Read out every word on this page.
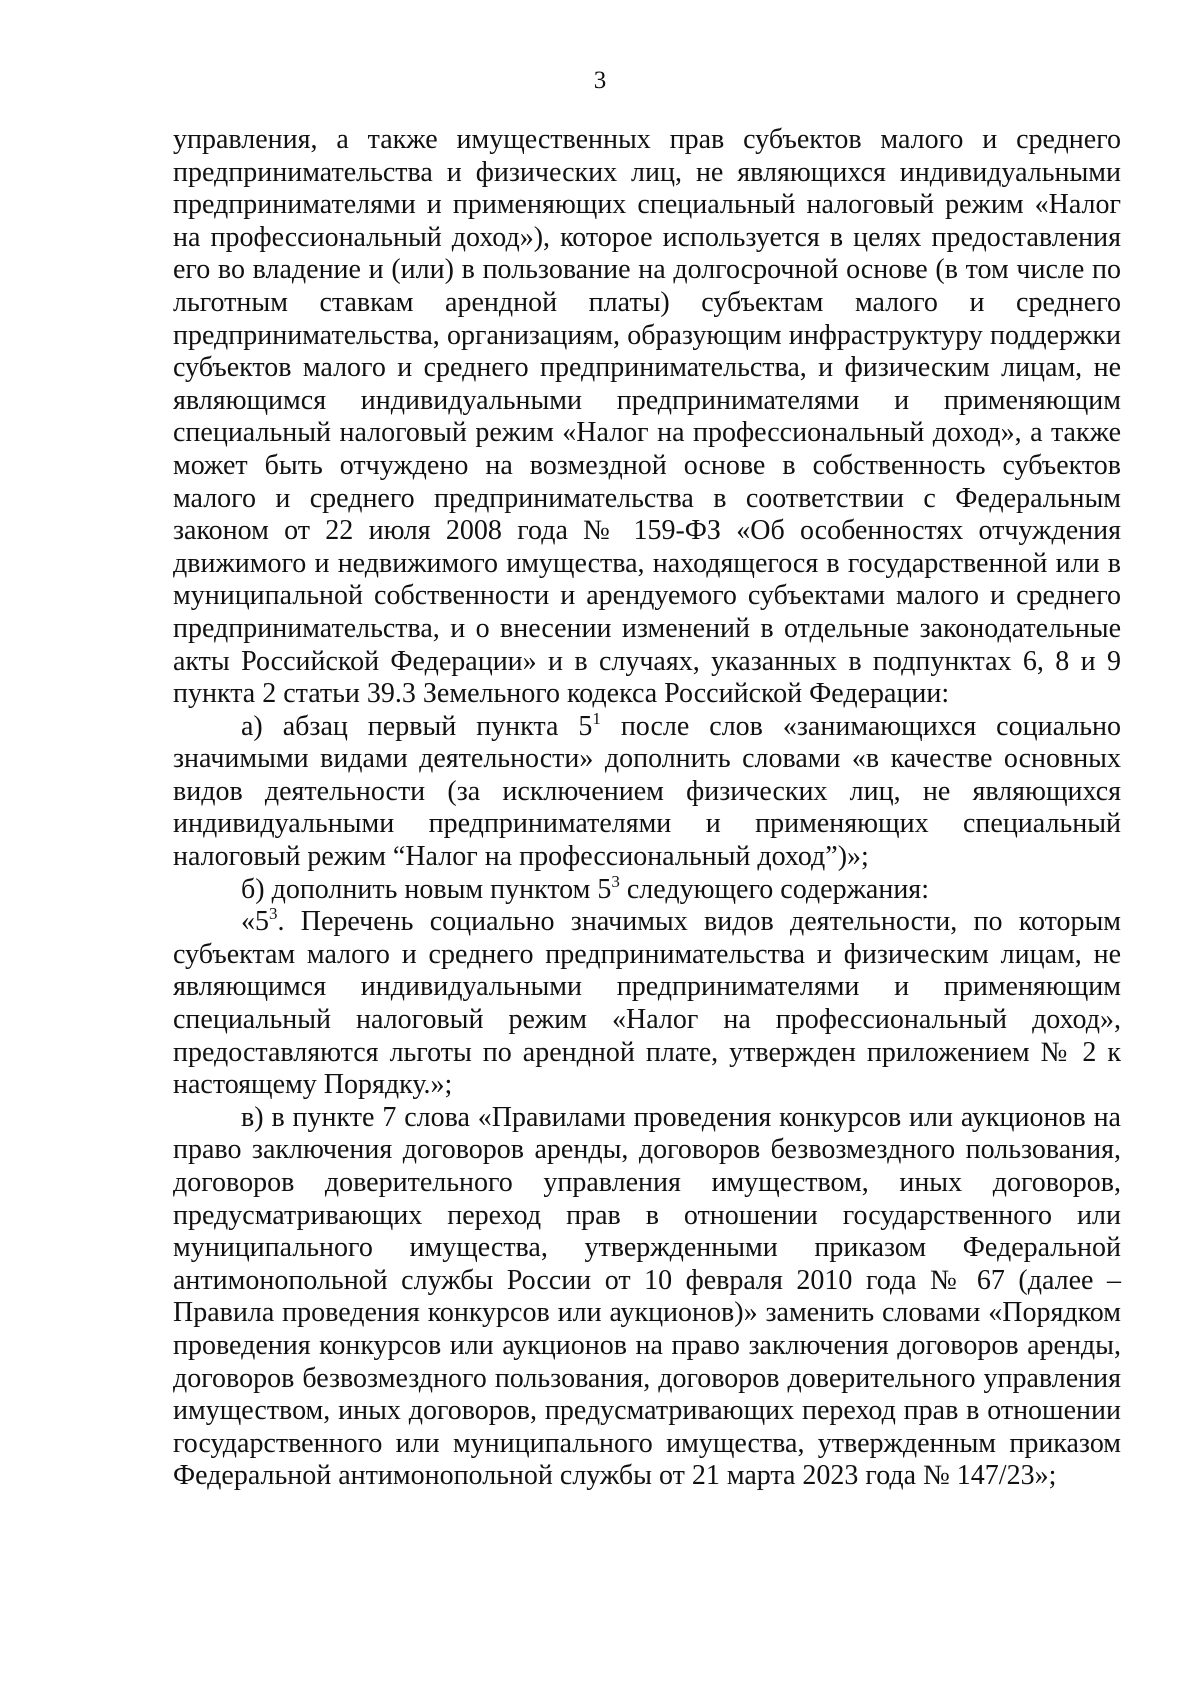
3

управления, а также имущественных прав субъектов малого и среднего предпринимательства и физических лиц, не являющихся индивидуальными предпринимателями и применяющих специальный налоговый режим «Налог на профессиональный доход»), которое используется в целях предоставления его во владение и (или) в пользование на долгосрочной основе (в том числе по льготным ставкам арендной платы) субъектам малого и среднего предпринимательства, организациям, образующим инфраструктуру поддержки субъектов малого и среднего предпринимательства, и физическим лицам, не являющимся индивидуальными предпринимателями и применяющим специальный налоговый режим «Налог на профессиональный доход», а также может быть отчуждено на возмездной основе в собственность субъектов малого и среднего предпринимательства в соответствии с Федеральным законом от 22 июля 2008 года № 159-ФЗ «Об особенностях отчуждения движимого и недвижимого имущества, находящегося в государственной или в муниципальной собственности и арендуемого субъектами малого и среднего предпринимательства, и о внесении изменений в отдельные законодательные акты Российской Федерации» и в случаях, указанных в подпунктах 6, 8 и 9 пункта 2 статьи 39.3 Земельного кодекса Российской Федерации:

а) абзац первый пункта $5^1$ после слов «занимающихся социально значимыми видами деятельности» дополнить словами «в качестве основных видов деятельности (за исключением физических лиц, не являющихся индивидуальными предпринимателями и применяющих специальный налоговый режим “Налог на профессиональный доход”)»;

б) дополнить новым пунктом $5^3$ следующего содержания:

«$5^3$. Перечень социально значимых видов деятельности, по которым субъектам малого и среднего предпринимательства и физическим лицам, не являющимся индивидуальными предпринимателями и применяющим специальный налоговый режим «Налог на профессиональный доход», предоставляются льготы по арендной плате, утвержден приложением № 2 к настоящему Порядку.»;

в) в пункте 7 слова «Правилами проведения конкурсов или аукционов на право заключения договоров аренды, договоров безвозмездного пользования, договоров доверительного управления имуществом, иных договоров, предусматривающих переход прав в отношении государственного или муниципального имущества, утвержденными приказом Федеральной антимонопольной службы России от 10 февраля 2010 года № 67 (далее – Правила проведения конкурсов или аукционов)» заменить словами «Порядком проведения конкурсов или аукционов на право заключения договоров аренды, договоров безвозмездного пользования, договоров доверительного управления имуществом, иных договоров, предусматривающих переход прав в отношении государственного или муниципального имущества, утвержденным приказом Федеральной антимонопольной службы от 21 марта 2023 года № 147/23»;
